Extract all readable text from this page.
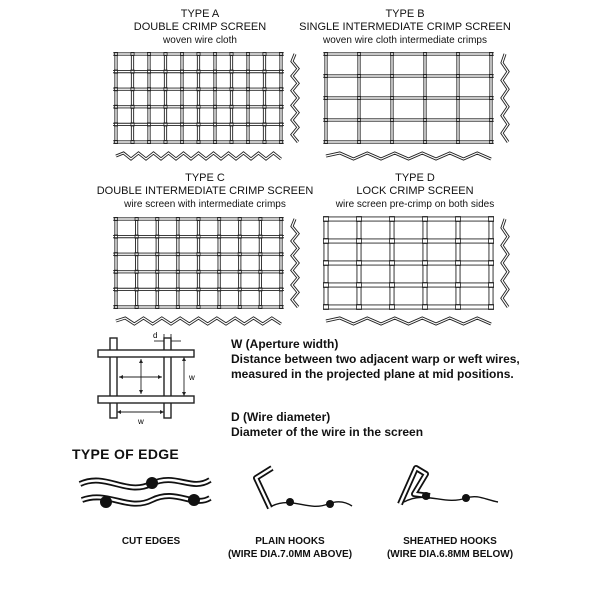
TYPE A
DOUBLE CRIMP SCREEN
woven wire cloth
TYPE B
SINGLE INTERMEDIATE CRIMP SCREEN
woven wire cloth intermediate crimps
TYPE C
DOUBLE INTERMEDIATE CRIMP SCREEN
wire screen with intermediate crimps
TYPE D
LOCK CRIMP SCREEN
wire screen pre-crimp on both sides
d
w
w
W (Aperture width)
Distance between two adjacent warp or weft wires, measured in the projected plane at mid positions.
D (Wire diameter)
Diameter of the wire in the screen
TYPE OF EDGE
CUT EDGES	PLAIN HOOKS
(WIRE DIA.7.0MM ABOVE)
SHEATHED HOOKS
(WIRE DIA.6.8MM BELOW)
